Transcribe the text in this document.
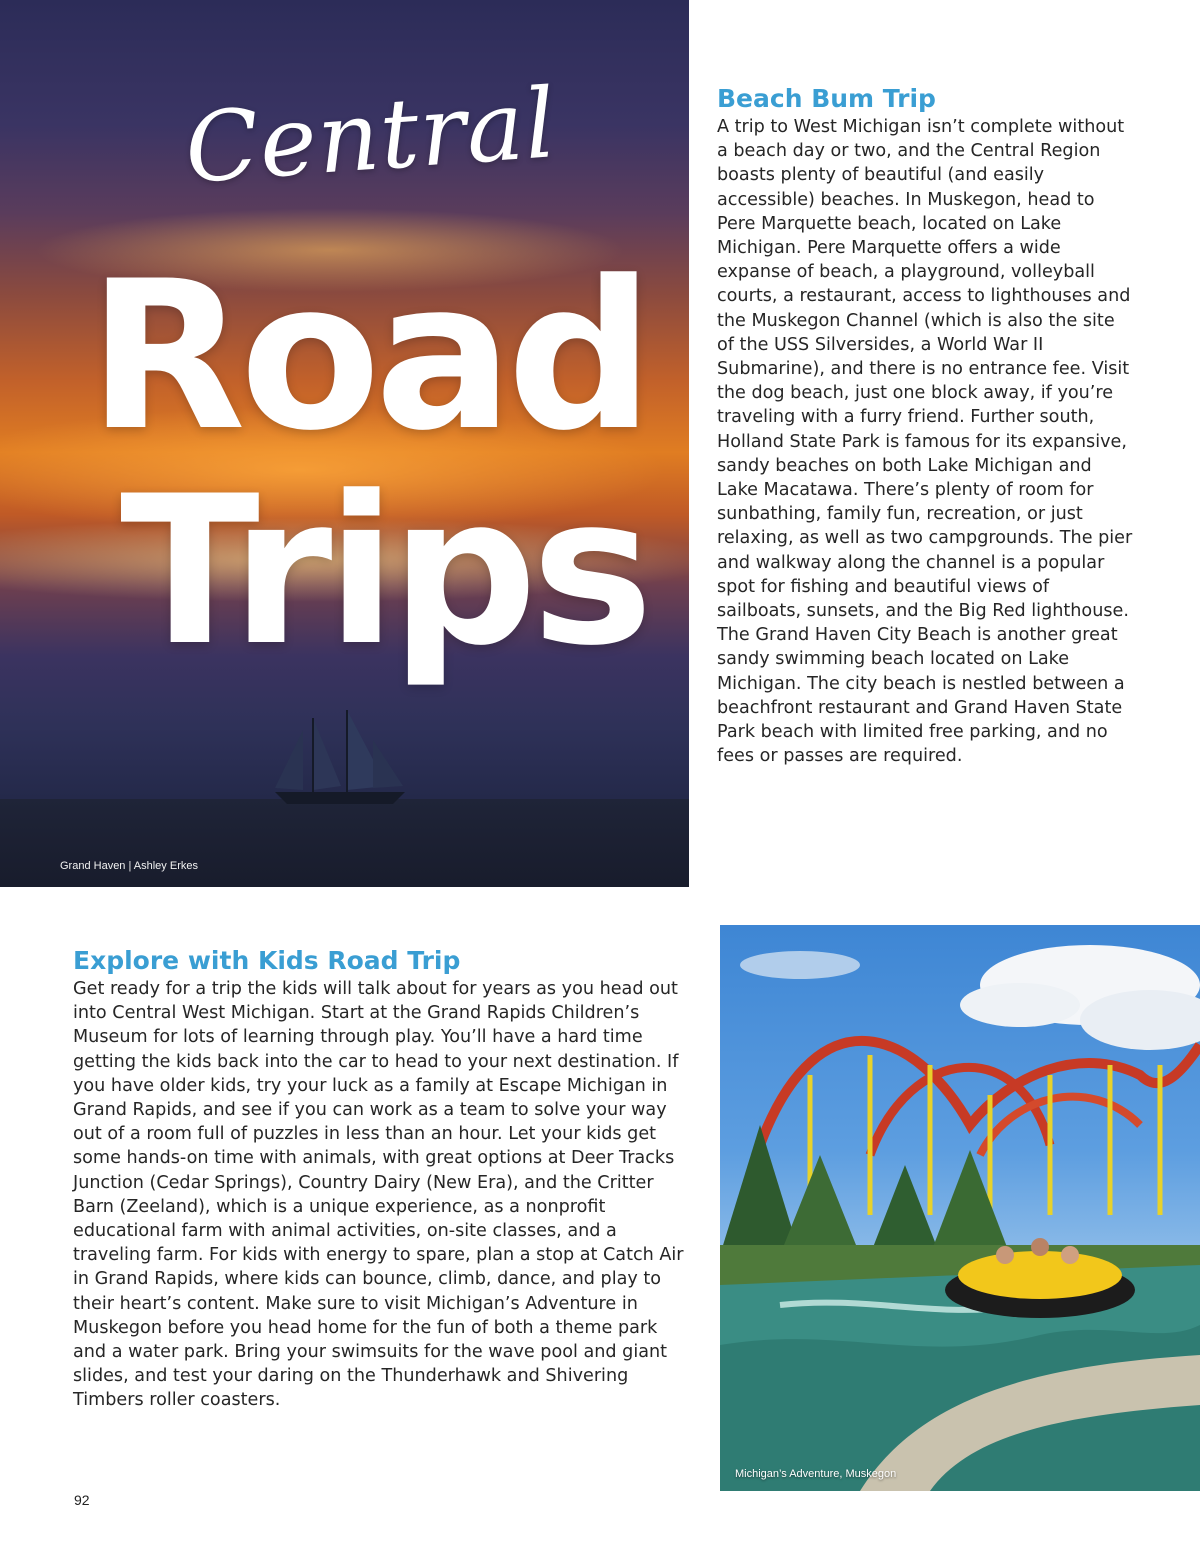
Central
Road
Trips
Grand Haven | Ashley Erkes
Beach Bum Trip

A trip to West Michigan isn’t complete without a beach day or two, and the Central Region boasts plenty of beautiful (and easily accessible) beaches. In Muskegon, head to Pere Marquette beach, located on Lake Michigan. Pere Marquette offers a wide expanse of beach, a playground, volleyball courts, a restaurant, access to lighthouses and the Muskegon Channel (which is also the site of the USS Silversides, a World War II Submarine), and there is no entrance fee. Visit the dog beach, just one block away, if you’re traveling with a furry friend. Further south, Holland State Park is famous for its expansive, sandy beaches on both Lake Michigan and Lake Macatawa. There’s plenty of room for sunbathing, family fun, recreation, or just relaxing, as well as two campgrounds. The pier and walkway along the channel is a popular spot for fishing and beautiful views of sailboats, sunsets, and the Big Red lighthouse. The Grand Haven City Beach is another great sandy swimming beach located on Lake Michigan. The city beach is nestled between a beachfront restaurant and Grand Haven State Park beach with limited free parking, and no fees or passes are required.

Explore with Kids Road Trip

Get ready for a trip the kids will talk about for years as you head out into Central West Michigan. Start at the Grand Rapids Children’s Museum for lots of learning through play. You’ll have a hard time getting the kids back into the car to head to your next destination. If you have older kids, try your luck as a family at Escape Michigan in Grand Rapids, and see if you can work as a team to solve your way out of a room full of puzzles in less than an hour. Let your kids get some hands-on time with animals, with great options at Deer Tracks Junction (Cedar Springs), Country Dairy (New Era), and the Critter Barn (Zeeland), which is a unique experience, as a nonprofit educational farm with animal activities, on-site classes, and a traveling farm. For kids with energy to spare, plan a stop at Catch Air in Grand Rapids, where kids can bounce, climb, dance, and play to their heart’s content. Make sure to visit Michigan’s Adventure in Muskegon before you head home for the fun of both a theme park and a water park. Bring your swimsuits for the wave pool and giant slides, and test your daring on the Thunderhawk and Shivering Timbers roller coasters.

Michigan’s Adventure, Muskegon
92
